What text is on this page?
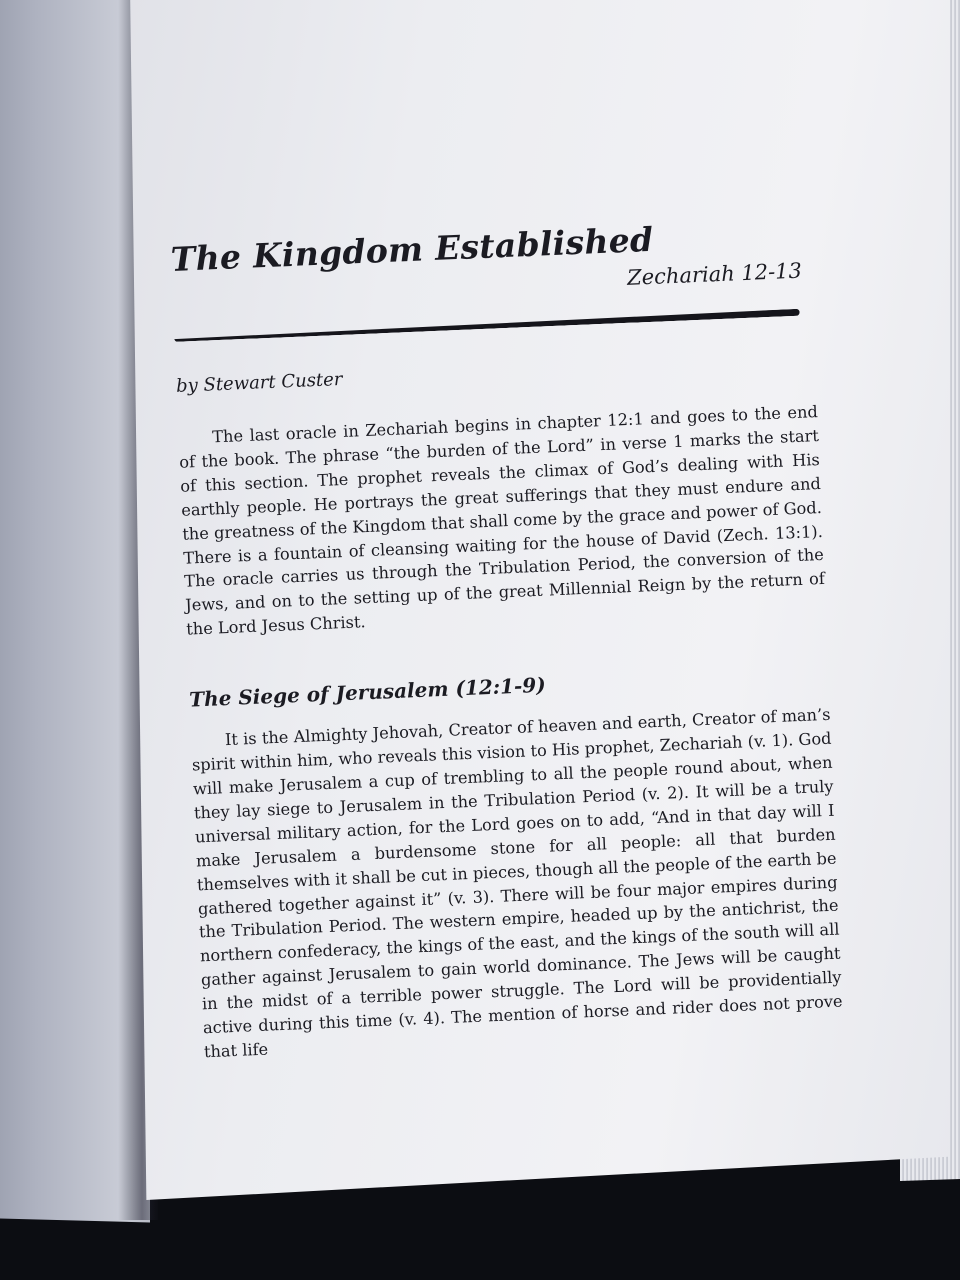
The Kingdom Established
Zechariah 12-13
by Stewart Custer

The last oracle in Zechariah begins in chapter 12:1 and goes to the end of the book. The phrase “the burden of the Lord” in verse 1 marks the start of this section. The prophet reveals the climax of God’s dealing with His earthly people. He portrays the great sufferings that they must endure and the greatness of the Kingdom that shall come by the grace and power of God. There is a fountain of cleansing waiting for the house of David (Zech. 13:1). The oracle carries us through the Tribulation Period, the conversion of the Jews, and on to the setting up of the great Millennial Reign by the return of the Lord Jesus Christ.

The Siege of Jerusalem (12:1-9)

It is the Almighty Jehovah, Creator of heaven and earth, Creator of man’s spirit within him, who reveals this vision to His prophet, Zechariah (v. 1). God will make Jerusalem a cup of trembling to all the people round about, when they lay siege to Jerusalem in the Tribulation Period (v. 2). It will be a truly universal military action, for the Lord goes on to add, “And in that day will I make Jerusalem a burdensome stone for all people: all that burden themselves with it shall be cut in pieces, though all the people of the earth be gathered together against it” (v. 3). There will be four major empires during the Tribulation Period. The western empire, headed up by the antichrist, the northern confederacy, the kings of the east, and the kings of the south will all gather against Jerusalem to gain world dominance. The Jews will be caught in the midst of a terrible power struggle. The Lord will be providentially active during this time (v. 4). The mention of horse and rider does not prove that life
